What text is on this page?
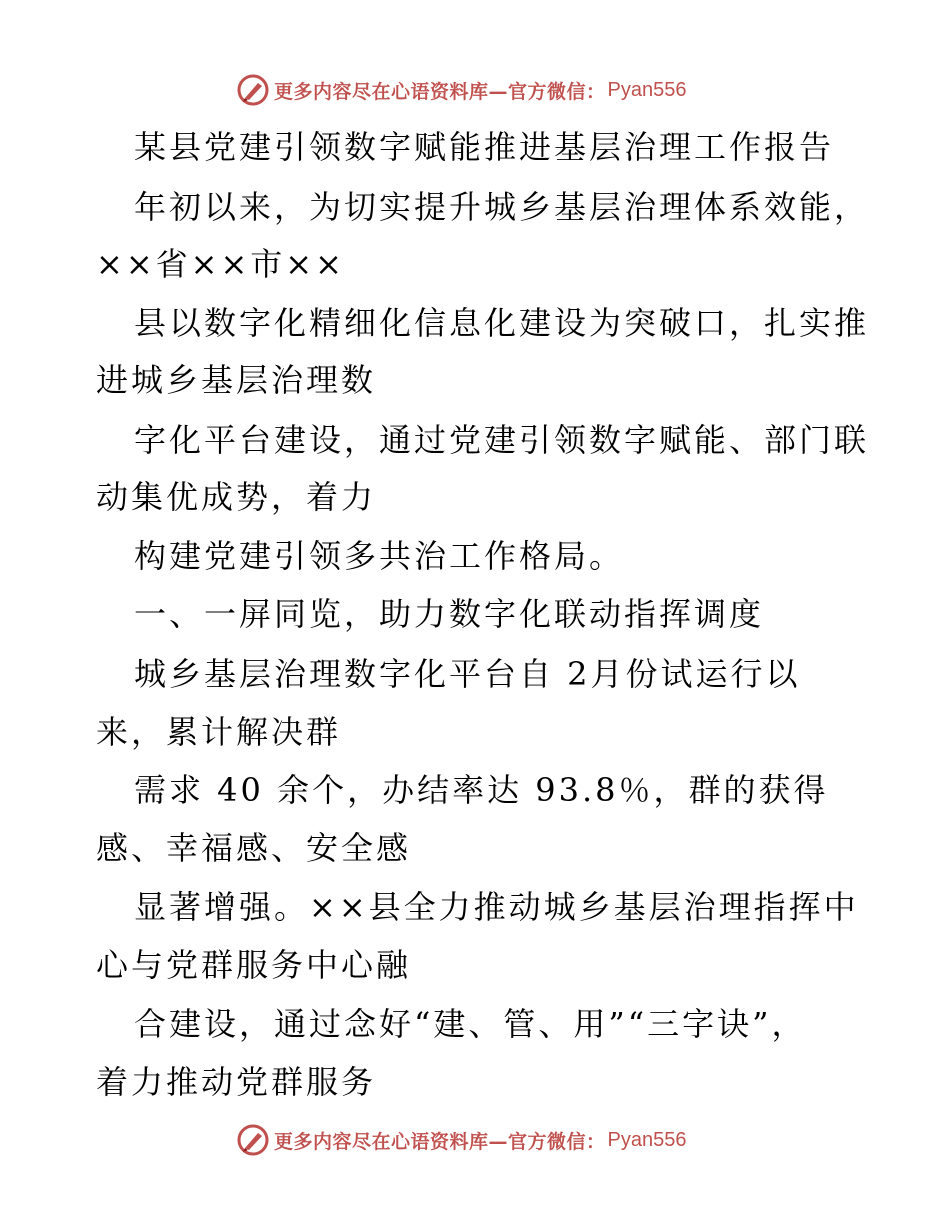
更多内容尽在心语资料库—官方微信： Pyan556
某县党建引领数字赋能推进基层治理工作报告
年初以来，为切实提升城乡基层治理体系效能，
××省××市××
县以数字化精细化信息化建设为突破口，扎实推
进城乡基层治理数
字化平台建设，通过党建引领数字赋能、部门联
动集优成势，着力
构建党建引领多共治工作格局。
一、一屏同览，助力数字化联动指挥调度
城乡基层治理数字化平台自 2月份试运行以
来，累计解决群
需求 40 余个，办结率达 93.8％，群的获得
感、幸福感、安全感
显著增强。××县全力推动城乡基层治理指挥中
心与党群服务中心融
合建设，通过念好“建、管、用”“三字诀”，
着力推动党群服务
更多内容尽在心语资料库—官方微信： Pyan556
